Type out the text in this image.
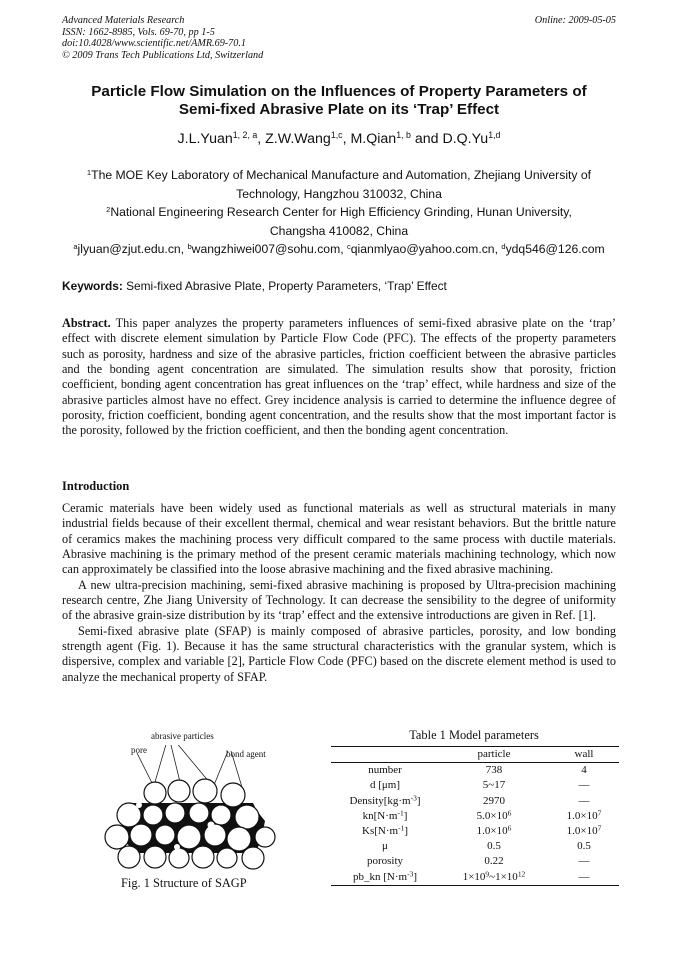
Advanced Materials Research
ISSN: 1662-8985, Vols. 69-70, pp 1-5
doi:10.4028/www.scientific.net/AMR.69-70.1
© 2009 Trans Tech Publications Ltd, Switzerland
Online: 2009-05-05
Particle Flow Simulation on the Influences of Property Parameters of
Semi-fixed Abrasive Plate on its ‘Trap’ Effect
J.L.Yuan$^{1, 2, a}$, Z.W.Wang$^{1,c}$, M.Qian$^{1, b}$ and D.Q.Yu$^{1,d}$
$^1$The MOE Key Laboratory of Mechanical Manufacture and Automation, Zhejiang University of
Technology, Hangzhou 310032, China
$^2$National Engineering Research Center for High Efficiency Grinding, Hunan University,
Changsha 410082, China
$^a$jlyuan@zjut.edu.cn, $^b$wangzhiwei007@sohu.com, $^c$qianmlyao@yahoo.com.cn, $^d$ydq546@126.com
Keywords: Semi-fixed Abrasive Plate, Property Parameters, ‘Trap’ Effect
Abstract. This paper analyzes the property parameters influences of semi-fixed abrasive plate on the ‘trap’ effect with discrete element simulation by Particle Flow Code (PFC). The effects of the property parameters such as porosity, hardness and size of the abrasive particles, friction coefficient between the abrasive particles and the bonding agent concentration are simulated. The simulation results show that porosity, friction coefficient, bonding agent concentration has great influences on the ‘trap’ effect, while hardness and size of the abrasive particles almost have no effect. Grey incidence analysis is carried to determine the influence degree of porosity, friction coefficient, bonding agent concentration, and the results show that the most important factor is the porosity, followed by the friction coefficient, and then the bonding agent concentration.
Introduction

Ceramic materials have been widely used as functional materials as well as structural materials in many industrial fields because of their excellent thermal, chemical and wear resistant behaviors. But the brittle nature of ceramics makes the machining process very difficult compared to the same process with ductile materials. Abrasive machining is the primary method of the present ceramic materials machining technology, which now can approximately be classified into the loose abrasive machining and the fixed abrasive machining.

A new ultra-precision machining, semi-fixed abrasive machining is proposed by Ultra-precision machining research centre, Zhe Jiang University of Technology. It can decrease the sensibility to the degree of uniformity of the abrasive grain-size distribution by its ‘trap’ effect and the extensive introductions are given in Ref. [1].

Semi-fixed abrasive plate (SFAP) is mainly composed of abrasive particles, porosity, and low bonding strength agent (Fig. 1). Because it has the same structural characteristics with the granular system, which is dispersive, complex and variable [2], Particle Flow Code (PFC) based on the discrete element method is used to analyze the mechanical property of SFAP.

abrasive particles
pore	bond agent
Fig. 1 Structure of SAGP
Table 1 Model parameters
	particle	wall
number	738	4
d [μm]	5~17	—
$Density[kg\cdot m^{-3}]$	2970	—
$kn[N\cdot m^{-1}]$	$5.0\times 10^6$	$1.0\times 10^7$
$Ks[N\cdot m^{-1}]$	$1.0\times 10^6$	$1.0\times 10^7$
μ	0.5	0.5
porosity	0.22	—
pb_kn $[N\cdot m^{-3}]$	$1\times 10^9\sim 1\times 10^{12}$	—
